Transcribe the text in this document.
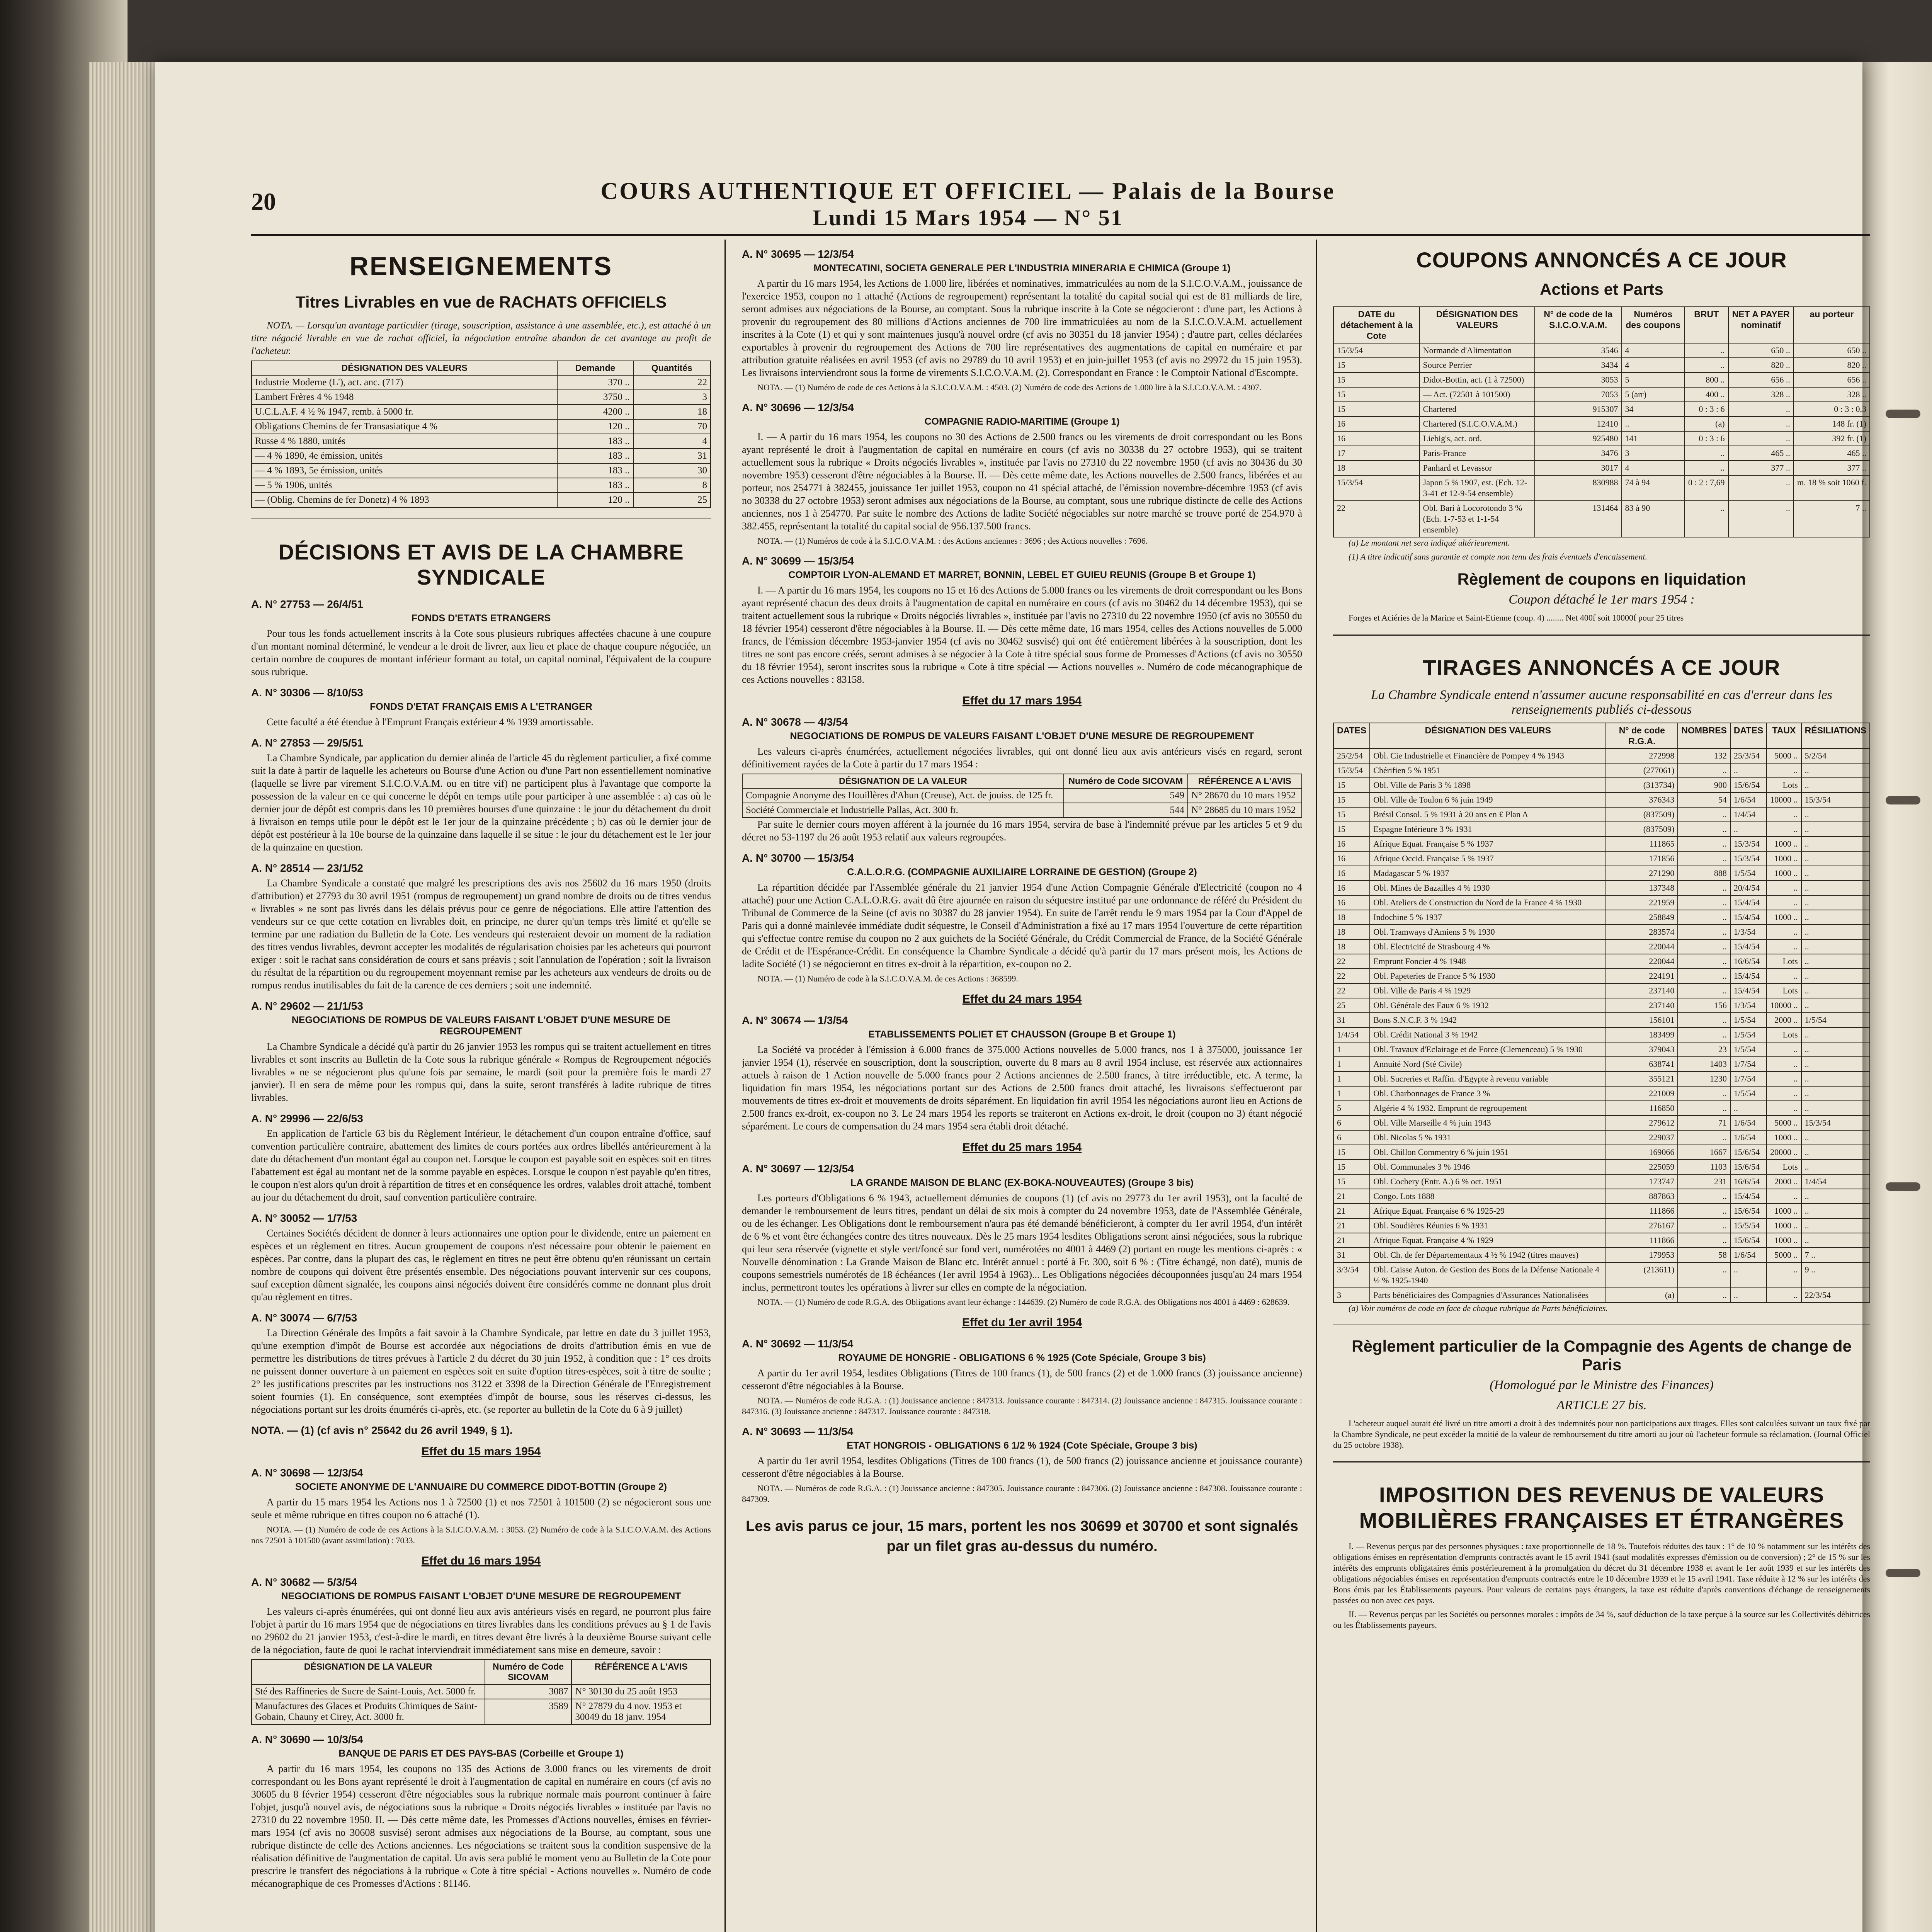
20	COURS AUTHENTIQUE ET OFFICIEL — Palais de la Bourse
Lundi 15 Mars 1954 — N° 51
RENSEIGNEMENTS
Titres Livrables en vue de RACHATS OFFICIELS

NOTA. — Lorsqu'un avantage particulier (tirage, souscription, assistance à une assemblée, etc.), est attaché à un titre négocié livrable en vue de rachat officiel, la négociation entraîne abandon de cet avantage au profit de l'acheteur.

DÉSIGNATION DES VALEURS	Demande	Quantités
Industrie Moderne (L'), act. anc. (717)	370 ..	22
Lambert Frères 4 % 1948	3750 ..	3
U.C.L.A.F. 4 ½ % 1947, remb. à 5000 fr.	4200 ..	18
Obligations Chemins de fer Transasiatique 4 %	120 ..	70
Russe 4 % 1880, unités	183 ..	4
— 4 % 1890, 4e émission, unités	183 ..	31
— 4 % 1893, 5e émission, unités	183 ..	30
— 5 % 1906, unités	183 ..	8
— (Oblig. Chemins de fer Donetz) 4 % 1893	120 ..	25
DÉCISIONS ET AVIS DE LA CHAMBRE SYNDICALE
A. N° 27753 — 26/4/51
FONDS D'ETATS ETRANGERS

Pour tous les fonds actuellement inscrits à la Cote sous plusieurs rubriques affectées chacune à une coupure d'un montant nominal déterminé, le vendeur a le droit de livrer, aux lieu et place de chaque coupure négociée, un certain nombre de coupures de montant inférieur formant au total, un capital nominal, l'équivalent de la coupure sous rubrique.

A. N° 30306 — 8/10/53
FONDS D'ETAT FRANÇAIS EMIS A L'ETRANGER

Cette faculté a été étendue à l'Emprunt Français extérieur 4 % 1939 amortissable.

A. N° 27853 — 29/5/51

La Chambre Syndicale, par application du dernier alinéa de l'article 45 du règlement particulier, a fixé comme suit la date à partir de laquelle les acheteurs ou Bourse d'une Action ou d'une Part non essentiellement nominative (laquelle se livre par virement S.I.C.O.V.A.M. ou en titre vif) ne participent plus à l'avantage que comporte la possession de la valeur en ce qui concerne le dépôt en temps utile pour participer à une assemblée : a) cas où le dernier jour de dépôt est compris dans les 10 premières bourses d'une quinzaine : le jour du détachement du droit à livraison en temps utile pour le dépôt est le 1er jour de la quinzaine précédente ; b) cas où le dernier jour de dépôt est postérieur à la 10e bourse de la quinzaine dans laquelle il se situe : le jour du détachement est le 1er jour de la quinzaine en question.

A. N° 28514 — 23/1/52

La Chambre Syndicale a constaté que malgré les prescriptions des avis nos 25602 du 16 mars 1950 (droits d'attribution) et 27793 du 30 avril 1951 (rompus de regroupement) un grand nombre de droits ou de titres vendus « livrables » ne sont pas livrés dans les délais prévus pour ce genre de négociations. Elle attire l'attention des vendeurs sur ce que cette cotation en livrables doit, en principe, ne durer qu'un temps très limité et qu'elle se termine par une radiation du Bulletin de la Cote. Les vendeurs qui resteraient devoir un moment de la radiation des titres vendus livrables, devront accepter les modalités de régularisation choisies par les acheteurs qui pourront exiger : soit le rachat sans considération de cours et sans préavis ; soit l'annulation de l'opération ; soit la livraison du résultat de la répartition ou du regroupement moyennant remise par les acheteurs aux vendeurs de droits ou de rompus rendus inutilisables du fait de la carence de ces derniers ; soit une indemnité.

A. N° 29602 — 21/1/53
NEGOCIATIONS DE ROMPUS DE VALEURS FAISANT L'OBJET D'UNE MESURE DE REGROUPEMENT

La Chambre Syndicale a décidé qu'à partir du 26 janvier 1953 les rompus qui se traitent actuellement en titres livrables et sont inscrits au Bulletin de la Cote sous la rubrique générale « Rompus de Regroupement négociés livrables » ne se négocieront plus qu'une fois par semaine, le mardi (soit pour la première fois le mardi 27 janvier). Il en sera de même pour les rompus qui, dans la suite, seront transférés à ladite rubrique de titres livrables.

A. N° 29996 — 22/6/53

En application de l'article 63 bis du Règlement Intérieur, le détachement d'un coupon entraîne d'office, sauf convention particulière contraire, abattement des limites de cours portées aux ordres libellés antérieurement à la date du détachement d'un montant égal au coupon net. Lorsque le coupon est payable soit en espèces soit en titres l'abattement est égal au montant net de la somme payable en espèces. Lorsque le coupon n'est payable qu'en titres, le coupon n'est alors qu'un droit à répartition de titres et en conséquence les ordres, valables droit attaché, tombent au jour du détachement du droit, sauf convention particulière contraire.

A. N° 30052 — 1/7/53

Certaines Sociétés décident de donner à leurs actionnaires une option pour le dividende, entre un paiement en espèces et un règlement en titres. Aucun groupement de coupons n'est nécessaire pour obtenir le paiement en espèces. Par contre, dans la plupart des cas, le règlement en titres ne peut être obtenu qu'en réunissant un certain nombre de coupons qui doivent être présentés ensemble. Des négociations pouvant intervenir sur ces coupons, sauf exception dûment signalée, les coupons ainsi négociés doivent être considérés comme ne donnant plus droit qu'au règlement en titres.

A. N° 30074 — 6/7/53

La Direction Générale des Impôts a fait savoir à la Chambre Syndicale, par lettre en date du 3 juillet 1953, qu'une exemption d'impôt de Bourse est accordée aux négociations de droits d'attribution émis en vue de permettre les distributions de titres prévues à l'article 2 du décret du 30 juin 1952, à condition que : 1° ces droits ne puissent donner ouverture à un paiement en espèces soit en suite d'option titres-espèces, soit à titre de soulte ; 2° les justifications prescrites par les instructions nos 3122 et 3398 de la Direction Générale de l'Enregistrement soient fournies (1). En conséquence, sont exemptées d'impôt de bourse, sous les réserves ci-dessus, les négociations portant sur les droits énumérés ci-après, etc. (se reporter au bulletin de la Cote du 6 à 9 juillet)

NOTA. — (1) (cf avis n° 25642 du 26 avril 1949, § 1).
Effet du 15 mars 1954
A. N° 30698 — 12/3/54
SOCIETE ANONYME DE L'ANNUAIRE DU COMMERCE DIDOT-BOTTIN (Groupe 2)

A partir du 15 mars 1954 les Actions nos 1 à 72500 (1) et nos 72501 à 101500 (2) se négocieront sous une seule et même rubrique en titres coupon no 6 attaché (1).

NOTA. — (1) Numéro de code de ces Actions à la S.I.C.O.V.A.M. : 3053. (2) Numéro de code à la S.I.C.O.V.A.M. des Actions nos 72501 à 101500 (avant assimilation) : 7033.

Effet du 16 mars 1954
A. N° 30682 — 5/3/54
NEGOCIATIONS DE ROMPUS FAISANT L'OBJET D'UNE MESURE DE REGROUPEMENT

Les valeurs ci-après énumérées, qui ont donné lieu aux avis antérieurs visés en regard, ne pourront plus faire l'objet à partir du 16 mars 1954 que de négociations en titres livrables dans les conditions prévues au § 1 de l'avis no 29602 du 21 janvier 1953, c'est-à-dire le mardi, en titres devant être livrés à la deuxième Bourse suivant celle de la négociation, faute de quoi le rachat interviendrait immédiatement sans mise en demeure, savoir :

DÉSIGNATION DE LA VALEUR	Numéro de Code SICOVAM	RÉFÉRENCE A L'AVIS
Sté des Raffineries de Sucre de Saint-Louis, Act. 5000 fr.	3087	N° 30130 du 25 août 1953
Manufactures des Glaces et Produits Chimiques de Saint-Gobain, Chauny et Cirey, Act. 3000 fr.	3589	N° 27879 du 4 nov. 1953 et 30049 du 18 janv. 1954
A. N° 30690 — 10/3/54
BANQUE DE PARIS ET DES PAYS-BAS (Corbeille et Groupe 1)

A partir du 16 mars 1954, les coupons no 135 des Actions de 3.000 francs ou les virements de droit correspondant ou les Bons ayant représenté le droit à l'augmentation de capital en numéraire en cours (cf avis no 30605 du 8 février 1954) cesseront d'être négociables sous la rubrique normale mais pourront continuer à faire l'objet, jusqu'à nouvel avis, de négociations sous la rubrique « Droits négociés livrables » instituée par l'avis no 27310 du 22 novembre 1950. II. — Dès cette même date, les Promesses d'Actions nouvelles, émises en février-mars 1954 (cf avis no 30608 susvisé) seront admises aux négociations de la Bourse, au comptant, sous une rubrique distincte de celle des Actions anciennes. Les négociations se traitent sous la condition suspensive de la réalisation définitive de l'augmentation de capital. Un avis sera publié le moment venu au Bulletin de la Cote pour prescrire le transfert des négociations à la rubrique « Cote à titre spécial - Actions nouvelles ». Numéro de code mécanographique de ces Promesses d'Actions : 81146.

A. N° 30695 — 12/3/54
MONTECATINI, SOCIETA GENERALE PER L'INDUSTRIA MINERARIA E CHIMICA (Groupe 1)

A partir du 16 mars 1954, les Actions de 1.000 lire, libérées et nominatives, immatriculées au nom de la S.I.C.O.V.A.M., jouissance de l'exercice 1953, coupon no 1 attaché (Actions de regroupement) représentant la totalité du capital social qui est de 81 milliards de lire, seront admises aux négociations de la Bourse, au comptant. Sous la rubrique inscrite à la Cote se négocieront : d'une part, les Actions à provenir du regroupement des 80 millions d'Actions anciennes de 700 lire immatriculées au nom de la S.I.C.O.V.A.M. actuellement inscrites à la Cote (1) et qui y sont maintenues jusqu'à nouvel ordre (cf avis no 30351 du 18 janvier 1954) ; d'autre part, celles déclarées exportables à provenir du regroupement des Actions de 700 lire représentatives des augmentations de capital en numéraire et par attribution gratuite réalisées en avril 1953 (cf avis no 29789 du 10 avril 1953) et en juin-juillet 1953 (cf avis no 29972 du 15 juin 1953). Les livraisons interviendront sous la forme de virements S.I.C.O.V.A.M. (2). Correspondant en France : le Comptoir National d'Escompte.

NOTA. — (1) Numéro de code de ces Actions à la S.I.C.O.V.A.M. : 4503. (2) Numéro de code des Actions de 1.000 lire à la S.I.C.O.V.A.M. : 4307.

A. N° 30696 — 12/3/54
COMPAGNIE RADIO-MARITIME (Groupe 1)

I. — A partir du 16 mars 1954, les coupons no 30 des Actions de 2.500 francs ou les virements de droit correspondant ou les Bons ayant représenté le droit à l'augmentation de capital en numéraire en cours (cf avis no 30338 du 27 octobre 1953), qui se traitent actuellement sous la rubrique « Droits négociés livrables », instituée par l'avis no 27310 du 22 novembre 1950 (cf avis no 30436 du 30 novembre 1953) cesseront d'être négociables à la Bourse. II. — Dès cette même date, les Actions nouvelles de 2.500 francs, libérées et au porteur, nos 254771 à 382455, jouissance 1er juillet 1953, coupon no 41 spécial attaché, de l'émission novembre-décembre 1953 (cf avis no 30338 du 27 octobre 1953) seront admises aux négociations de la Bourse, au comptant, sous une rubrique distincte de celle des Actions anciennes, nos 1 à 254770. Par suite le nombre des Actions de ladite Société négociables sur notre marché se trouve porté de 254.970 à 382.455, représentant la totalité du capital social de 956.137.500 francs.

NOTA. — (1) Numéros de code à la S.I.C.O.V.A.M. : des Actions anciennes : 3696 ; des Actions nouvelles : 7696.

A. N° 30699 — 15/3/54
COMPTOIR LYON-ALEMAND ET MARRET, BONNIN, LEBEL ET GUIEU REUNIS (Groupe B et Groupe 1)

I. — A partir du 16 mars 1954, les coupons no 15 et 16 des Actions de 5.000 francs ou les virements de droit correspondant ou les Bons ayant représenté chacun des deux droits à l'augmentation de capital en numéraire en cours (cf avis no 30462 du 14 décembre 1953), qui se traitent actuellement sous la rubrique « Droits négociés livrables », instituée par l'avis no 27310 du 22 novembre 1950 (cf avis no 30550 du 18 février 1954) cesseront d'être négociables à la Bourse. II. — Dès cette même date, 16 mars 1954, celles des Actions nouvelles de 5.000 francs, de l'émission décembre 1953-janvier 1954 (cf avis no 30462 susvisé) qui ont été entièrement libérées à la souscription, dont les titres ne sont pas encore créés, seront admises à se négocier à la Cote à titre spécial sous forme de Promesses d'Actions (cf avis no 30550 du 18 février 1954), seront inscrites sous la rubrique « Cote à titre spécial — Actions nouvelles ». Numéro de code mécanographique de ces Actions nouvelles : 83158.

Effet du 17 mars 1954
A. N° 30678 — 4/3/54
NEGOCIATIONS DE ROMPUS DE VALEURS FAISANT L'OBJET D'UNE MESURE DE REGROUPEMENT

Les valeurs ci-après énumérées, actuellement négociées livrables, qui ont donné lieu aux avis antérieurs visés en regard, seront définitivement rayées de la Cote à partir du 17 mars 1954 :

DÉSIGNATION DE LA VALEUR	Numéro de Code SICOVAM	RÉFÉRENCE A L'AVIS
Compagnie Anonyme des Houillères d'Ahun (Creuse), Act. de jouiss. de 125 fr.	549	N° 28670 du 10 mars 1952
Société Commerciale et Industrielle Pallas, Act. 300 fr.	544	N° 28685 du 10 mars 1952

Par suite le dernier cours moyen afférent à la journée du 16 mars 1954, servira de base à l'indemnité prévue par les articles 5 et 9 du décret no 53-1197 du 26 août 1953 relatif aux valeurs regroupées.

A. N° 30700 — 15/3/54
C.A.L.O.R.G. (COMPAGNIE AUXILIAIRE LORRAINE DE GESTION) (Groupe 2)

La répartition décidée par l'Assemblée générale du 21 janvier 1954 d'une Action Compagnie Générale d'Electricité (coupon no 4 attaché) pour une Action C.A.L.O.R.G. avait dû être ajournée en raison du séquestre institué par une ordonnance de référé du Président du Tribunal de Commerce de la Seine (cf avis no 30387 du 28 janvier 1954). En suite de l'arrêt rendu le 9 mars 1954 par la Cour d'Appel de Paris qui a donné mainlevée immédiate dudit séquestre, le Conseil d'Administration a fixé au 17 mars 1954 l'ouverture de cette répartition qui s'effectue contre remise du coupon no 2 aux guichets de la Société Générale, du Crédit Commercial de France, de la Société Générale de Crédit et de l'Espérance-Crédit. En conséquence la Chambre Syndicale a décidé qu'à partir du 17 mars présent mois, les Actions de ladite Société (1) se négocieront en titres ex-droit à la répartition, ex-coupon no 2.

NOTA. — (1) Numéro de code à la S.I.C.O.V.A.M. de ces Actions : 368599.

Effet du 24 mars 1954
A. N° 30674 — 1/3/54
ETABLISSEMENTS POLIET ET CHAUSSON (Groupe B et Groupe 1)

La Société va procéder à l'émission à 6.000 francs de 375.000 Actions nouvelles de 5.000 francs, nos 1 à 375000, jouissance 1er janvier 1954 (1), réservée en souscription, dont la souscription, ouverte du 8 mars au 8 avril 1954 incluse, est réservée aux actionnaires actuels à raison de 1 Action nouvelle de 5.000 francs pour 2 Actions anciennes de 2.500 francs, à titre irréductible, etc. A terme, la liquidation fin mars 1954, les négociations portant sur des Actions de 2.500 francs droit attaché, les livraisons s'effectueront par mouvements de titres ex-droit et mouvements de droits séparément. En liquidation fin avril 1954 les négociations auront lieu en Actions de 2.500 francs ex-droit, ex-coupon no 3. Le 24 mars 1954 les reports se traiteront en Actions ex-droit, le droit (coupon no 3) étant négocié séparément. Le cours de compensation du 24 mars 1954 sera établi droit détaché.

Effet du 25 mars 1954
A. N° 30697 — 12/3/54
LA GRANDE MAISON DE BLANC (EX-BOKA-NOUVEAUTES) (Groupe 3 bis)

Les porteurs d'Obligations 6 % 1943, actuellement démunies de coupons (1) (cf avis no 29773 du 1er avril 1953), ont la faculté de demander le remboursement de leurs titres, pendant un délai de six mois à compter du 24 novembre 1953, date de l'Assemblée Générale, ou de les échanger. Les Obligations dont le remboursement n'aura pas été demandé bénéficieront, à compter du 1er avril 1954, d'un intérêt de 6 % et vont être échangées contre des titres nouveaux. Dès le 25 mars 1954 lesdites Obligations seront ainsi négociées, sous la rubrique qui leur sera réservée (vignette et style vert/foncé sur fond vert, numérotées no 4001 à 4469 (2) portant en rouge les mentions ci-après : « Nouvelle dénomination : La Grande Maison de Blanc etc. Intérêt annuel : porté à Fr. 300, soit 6 % : (Titre échangé, non daté), munis de coupons semestriels numérotés de 18 échéances (1er avril 1954 à 1963)... Les Obligations négociées découponnées jusqu'au 24 mars 1954 inclus, permettront toutes les opérations à livrer sur elles en compte de la négociation.

NOTA. — (1) Numéro de code R.G.A. des Obligations avant leur échange : 144639. (2) Numéro de code R.G.A. des Obligations nos 4001 à 4469 : 628639.

Effet du 1er avril 1954
A. N° 30692 — 11/3/54
ROYAUME DE HONGRIE - OBLIGATIONS 6 % 1925 (Cote Spéciale, Groupe 3 bis)

A partir du 1er avril 1954, lesdites Obligations (Titres de 100 francs (1), de 500 francs (2) et de 1.000 francs (3) jouissance ancienne) cesseront d'être négociables à la Bourse.

NOTA. — Numéros de code R.G.A. : (1) Jouissance ancienne : 847313. Jouissance courante : 847314. (2) Jouissance ancienne : 847315. Jouissance courante : 847316. (3) Jouissance ancienne : 847317. Jouissance courante : 847318.

A. N° 30693 — 11/3/54
ETAT HONGROIS - OBLIGATIONS 6 1/2 % 1924 (Cote Spéciale, Groupe 3 bis)

A partir du 1er avril 1954, lesdites Obligations (Titres de 100 francs (1), de 500 francs (2) jouissance ancienne et jouissance courante) cesseront d'être négociables à la Bourse.

NOTA. — Numéros de code R.G.A. : (1) Jouissance ancienne : 847305. Jouissance courante : 847306. (2) Jouissance ancienne : 847308. Jouissance courante : 847309.

Les avis parus ce jour, 15 mars, portent les nos 30699 et 30700 et sont signalés par un filet gras au-dessus du numéro.
COUPONS ANNONCÉS A CE JOUR
Actions et Parts
DATE du détachement à la Cote	DÉSIGNATION DES VALEURS	N° de code de la S.I.C.O.V.A.M.	Numéros des coupons	BRUT	NET A PAYER nominatif	au porteur
15/3/54	Normande d'Alimentation	3546	4	..	650 ..	650 ..
15	Source Perrier	3434	4	..	820 ..	820 ..
15	Didot-Bottin, act. (1 à 72500)	3053	5	800 ..	656 ..	656 ..
15	— Act. (72501 à 101500)	7053	5 (arr)	400 ..	328 ..	328 ..
15	Chartered	915307	34	0 : 3 : 6	..	0 : 3 : 0,3
16	Chartered (S.I.C.O.V.A.M.)	12410	..	(a)	..	148 fr. (1)
16	Liebig's, act. ord.	925480	141	0 : 3 : 6	..	392 fr. (1)
17	Paris-France	3476	3	..	465 ..	465 ..
18	Panhard et Levassor	3017	4	..	377 ..	377 ..
15/3/54	Japon 5 % 1907, est. (Ech. 12-3-41 et 12-9-54 ensemble)	830988	74 à 94	0 : 2 : 7,69	..	m. 18 % soit 1060 f.
22	Obl. Bari à Locorotondo 3 % (Ech. 1-7-53 et 1-1-54 ensemble)	131464	83 à 90	..	..	7 ..

(a) Le montant net sera indiqué ultérieurement.

(1) A titre indicatif sans garantie et compte non tenu des frais éventuels d'encaissement.

Règlement de coupons en liquidation
Coupon détaché le 1er mars 1954 :

Forges et Aciéries de la Marine et Saint-Etienne (coup. 4) ........ Net 400f soit 10000f pour 25 titres

TIRAGES ANNONCÉS A CE JOUR
La Chambre Syndicale entend n'assumer aucune responsabilité en cas d'erreur dans les renseignements publiés ci-dessous
DATES	DÉSIGNATION DES VALEURS	N° de code R.G.A.	NOMBRES	DATES	TAUX	RÉSILIATIONS
25/2/54	Obl. Cie Industrielle et Financière de Pompey 4 % 1943	272998	132	25/3/54	5000 ..	5/2/54
15/3/54	Chérifien 5 % 1951	(277061)	..	..	..	..
15	Obl. Ville de Paris 3 % 1898	(313734)	900	15/6/54	Lots	..
15	Obl. Ville de Toulon 6 % juin 1949	376343	54	1/6/54	10000 ..	15/3/54
15	Brésil Consol. 5 % 1931 à 20 ans en £ Plan A	(837509)	..	1/4/54	..	..
15	Espagne Intérieure 3 % 1931	(837509)	..	..	..	..
16	Afrique Equat. Française 5 % 1937	111865	..	15/3/54	1000 ..	..
16	Afrique Occid. Française 5 % 1937	171856	..	15/3/54	1000 ..	..
16	Madagascar 5 % 1937	271290	888	1/5/54	1000 ..	..
16	Obl. Mines de Bazailles 4 % 1930	137348	..	20/4/54	..	..
16	Obl. Ateliers de Construction du Nord de la France 4 % 1930	221959	..	15/4/54	..	..
18	Indochine 5 % 1937	258849	..	15/4/54	1000 ..	..
18	Obl. Tramways d'Amiens 5 % 1930	283574	..	1/3/54	..	..
18	Obl. Electricité de Strasbourg 4 %	220044	..	15/4/54	..	..
22	Emprunt Foncier 4 % 1948	220044	..	16/6/54	Lots	..
22	Obl. Papeteries de France 5 % 1930	224191	..	15/4/54	..	..
22	Obl. Ville de Paris 4 % 1929	237140	..	15/4/54	Lots	..
25	Obl. Générale des Eaux 6 % 1932	237140	156	1/3/54	10000 ..	..
31	Bons S.N.C.F. 3 % 1942	156101	..	1/5/54	2000 ..	1/5/54
1/4/54	Obl. Crédit National 3 % 1942	183499	..	1/5/54	Lots	..
1	Obl. Travaux d'Eclairage et de Force (Clemenceau) 5 % 1930	379043	23	1/5/54	..	..
1	Annuité Nord (Sté Civile)	638741	1403	1/7/54	..	..
1	Obl. Sucreries et Raffin. d'Egypte à revenu variable	355121	1230	1/7/54	..	..
1	Obl. Charbonnages de France 3 %	221009	..	1/5/54	..	..
5	Algérie 4 % 1932. Emprunt de regroupement	116850	..	..	..	..
6	Obl. Ville Marseille 4 % juin 1943	279612	71	1/6/54	5000 ..	15/3/54
6	Obl. Nicolas 5 % 1931	229037	..	1/6/54	1000 ..	..
15	Obl. Chillon Commentry 6 % juin 1951	169066	1667	15/6/54	20000 ..	..
15	Obl. Communales 3 % 1946	225059	1103	15/6/54	Lots	..
15	Obl. Cochery (Entr. A.) 6 % oct. 1951	173747	231	16/6/54	2000 ..	1/4/54
21	Congo. Lots 1888	887863	..	15/4/54	..	..
21	Afrique Equat. Française 6 % 1925-29	111866	..	15/6/54	1000 ..	..
21	Obl. Soudières Réunies 6 % 1931	276167	..	15/5/54	1000 ..	..
21	Afrique Equat. Française 4 % 1929	111866	..	15/6/54	1000 ..	..
31	Obl. Ch. de fer Départementaux 4 ½ % 1942 (titres mauves)	179953	58	1/6/54	5000 ..	7 ..
3/3/54	Obl. Caisse Auton. de Gestion des Bons de la Défense Nationale 4 ½ % 1925-1940	(213611)	..	..	..	9 ..
3	Parts bénéficiaires des Compagnies d'Assurances Nationalisées	(a)	..	..	..	22/3/54

(a) Voir numéros de code en face de chaque rubrique de Parts bénéficiaires.

Règlement particulier de la Compagnie des Agents de change de Paris
(Homologué par le Ministre des Finances)
ARTICLE 27 bis.

L'acheteur auquel aurait été livré un titre amorti a droit à des indemnités pour non participations aux tirages. Elles sont calculées suivant un taux fixé par la Chambre Syndicale, ne peut excéder la moitié de la valeur de remboursement du titre amorti au jour où l'acheteur formule sa réclamation. (Journal Officiel du 25 octobre 1938).

IMPOSITION DES REVENUS DE VALEURS MOBILIÈRES FRANÇAISES ET ÉTRANGÈRES

I. — Revenus perçus par des personnes physiques : taxe proportionnelle de 18 %. Toutefois réduites des taux : 1° de 10 % notamment sur les intérêts des obligations émises en représentation d'emprunts contractés avant le 15 avril 1941 (sauf modalités expresses d'émission ou de conversion) ; 2° de 15 % sur les intérêts des emprunts obligataires émis postérieurement à la promulgation du décret du 31 décembre 1938 et avant le 1er août 1939 et sur les intérêts des obligations négociables émises en représentation d'emprunts contractés entre le 10 décembre 1939 et le 15 avril 1941. Taxe réduite à 12 % sur les intérêts des Bons émis par les Établissements payeurs. Pour valeurs de certains pays étrangers, la taxe est réduite d'après conventions d'échange de renseignements passées ou non avec ces pays.

II. — Revenus perçus par les Sociétés ou personnes morales : impôts de 34 %, sauf déduction de la taxe perçue à la source sur les Collectivités débitrices ou les Établissements payeurs.
